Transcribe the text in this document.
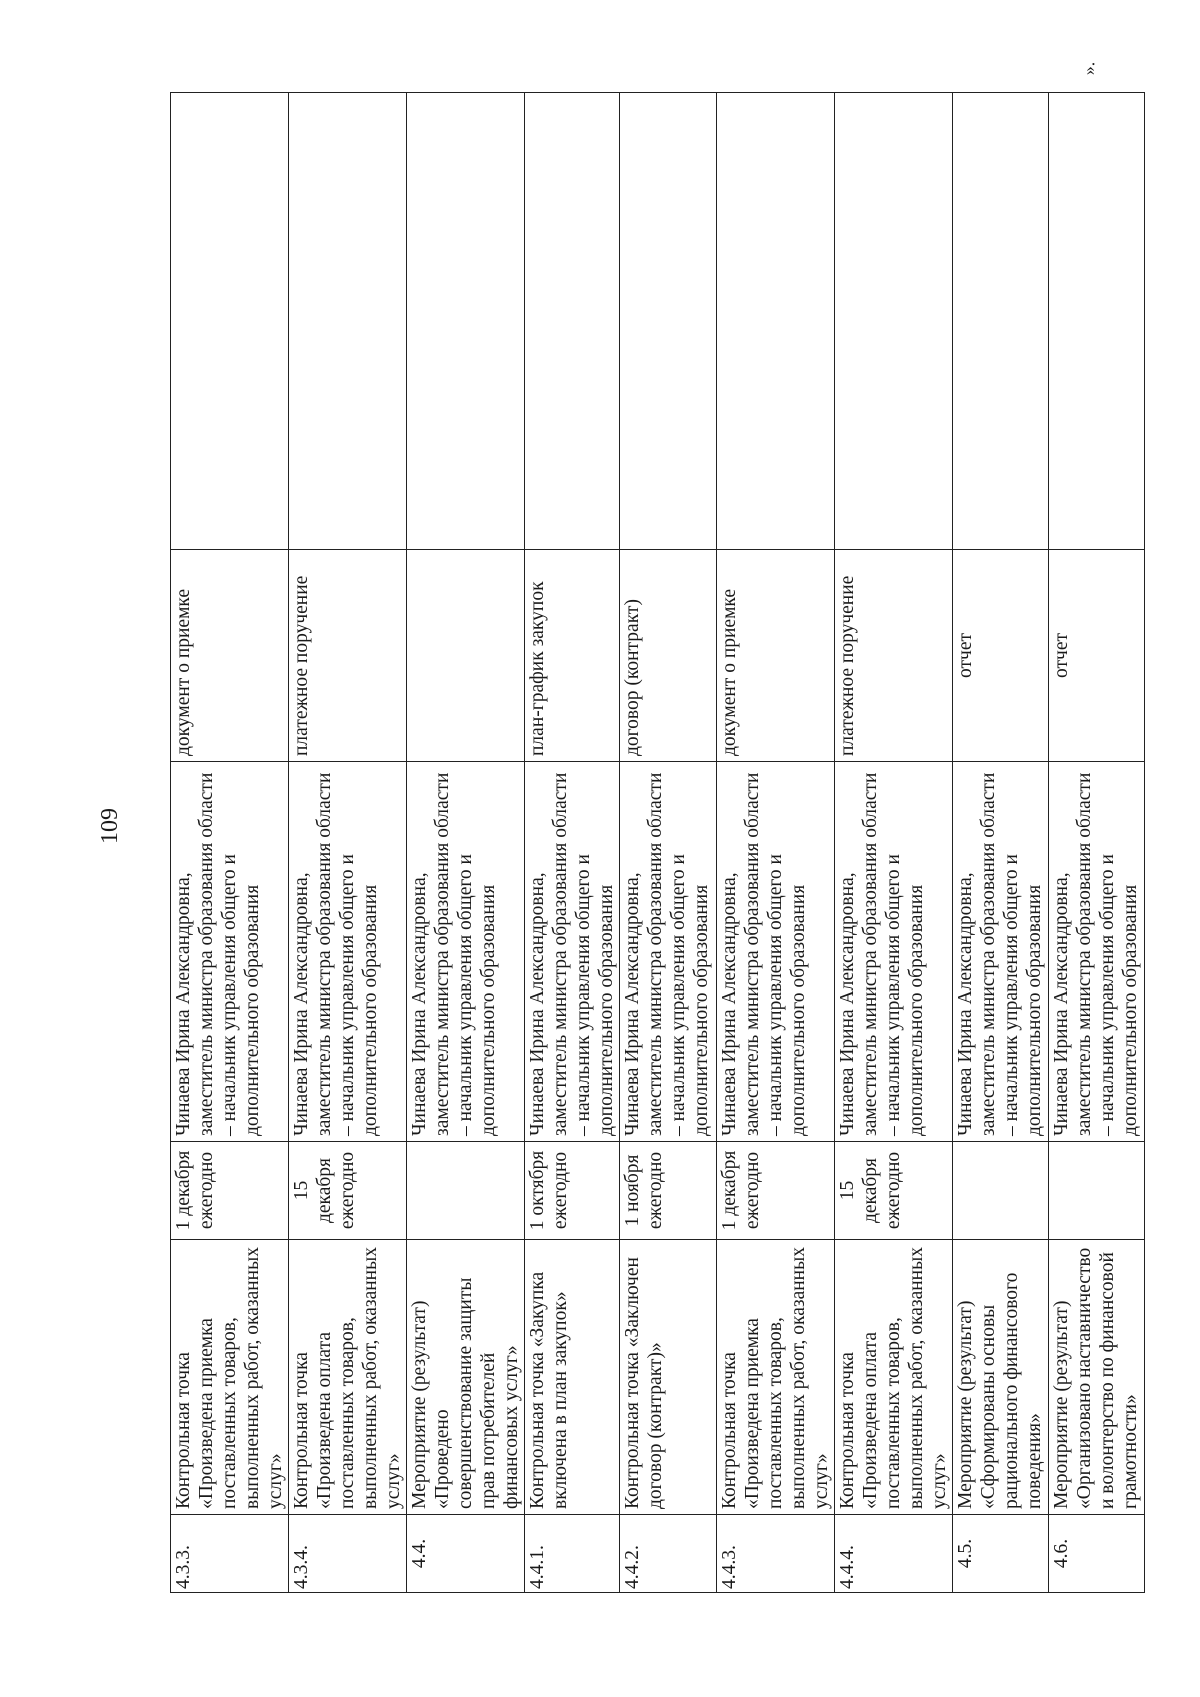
109
».
4.3.3.	Контрольная точка «Произведена приемка поставленных товаров, выполненных работ, оказанных услуг»	1 декабря ежегодно	Чинаева Ирина Александровна, заместитель министра образования области – начальник управления общего и дополнительного образования	документ о приемке	
4.3.4.	Контрольная точка «Произведена оплата поставленных товаров, выполненных работ, оказанных услуг»	15 декабря ежегодно	Чинаева Ирина Александровна, заместитель министра образования области – начальник управления общего и дополнительного образования	платежное поручение	
4.4.	Мероприятие (результат) «Проведено совершенствование защиты прав потребителей финансовых услуг»		Чинаева Ирина Александровна, заместитель министра образования области – начальник управления общего и дополнительного образования		
4.4.1.	Контрольная точка «Закупка включена в план закупок»	1 октября ежегодно	Чинаева Ирина Александровна, заместитель министра образования области – начальник управления общего и дополнительного образования	план-график закупок	
4.4.2.	Контрольная точка «Заключен договор (контракт)»	1 ноября ежегодно	Чинаева Ирина Александровна, заместитель министра образования области – начальник управления общего и дополнительного образования	договор (контракт)	
4.4.3.	Контрольная точка «Произведена приемка поставленных товаров, выполненных работ, оказанных услуг»	1 декабря ежегодно	Чинаева Ирина Александровна, заместитель министра образования области – начальник управления общего и дополнительного образования	документ о приемке	
4.4.4.	Контрольная точка «Произведена оплата поставленных товаров, выполненных работ, оказанных услуг»	15 декабря ежегодно	Чинаева Ирина Александровна, заместитель министра образования области – начальник управления общего и дополнительного образования	платежное поручение	
4.5.	Мероприятие (результат) «Сформированы основы рационального финансового поведения»		Чинаева Ирина Александровна, заместитель министра образования области – начальник управления общего и дополнительного образования	отчет	
4.6.	Мероприятие (результат) «Организовано наставничество и волонтерство по финансовой грамотности»		Чинаева Ирина Александровна, заместитель министра образования области – начальник управления общего и дополнительного образования	отчет	
